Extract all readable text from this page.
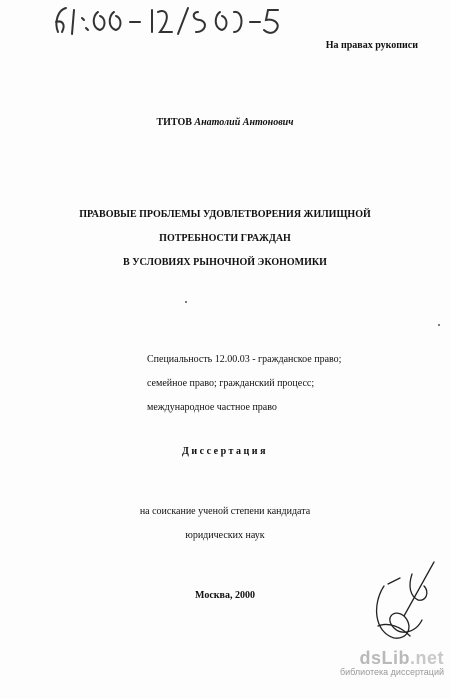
На правах рукописи
ТИТОВ Анатолий Антонович
ПРАВОВЫЕ ПРОБЛЕМЫ УДОВЛЕТВОРЕНИЯ ЖИЛИЩНОЙ
ПОТРЕБНОСТИ ГРАЖДАН
В УСЛОВИЯХ РЫНОЧНОЙ ЭКОНОМИКИ
Специальность 12.00.03 - гражданское право;
семейное право; гражданский процесс;
международное частное право
Диссертация
на соискание ученой степени кандидата
юридических наук
Москва, 2000
dsLib.net
библиотека диссертаций
